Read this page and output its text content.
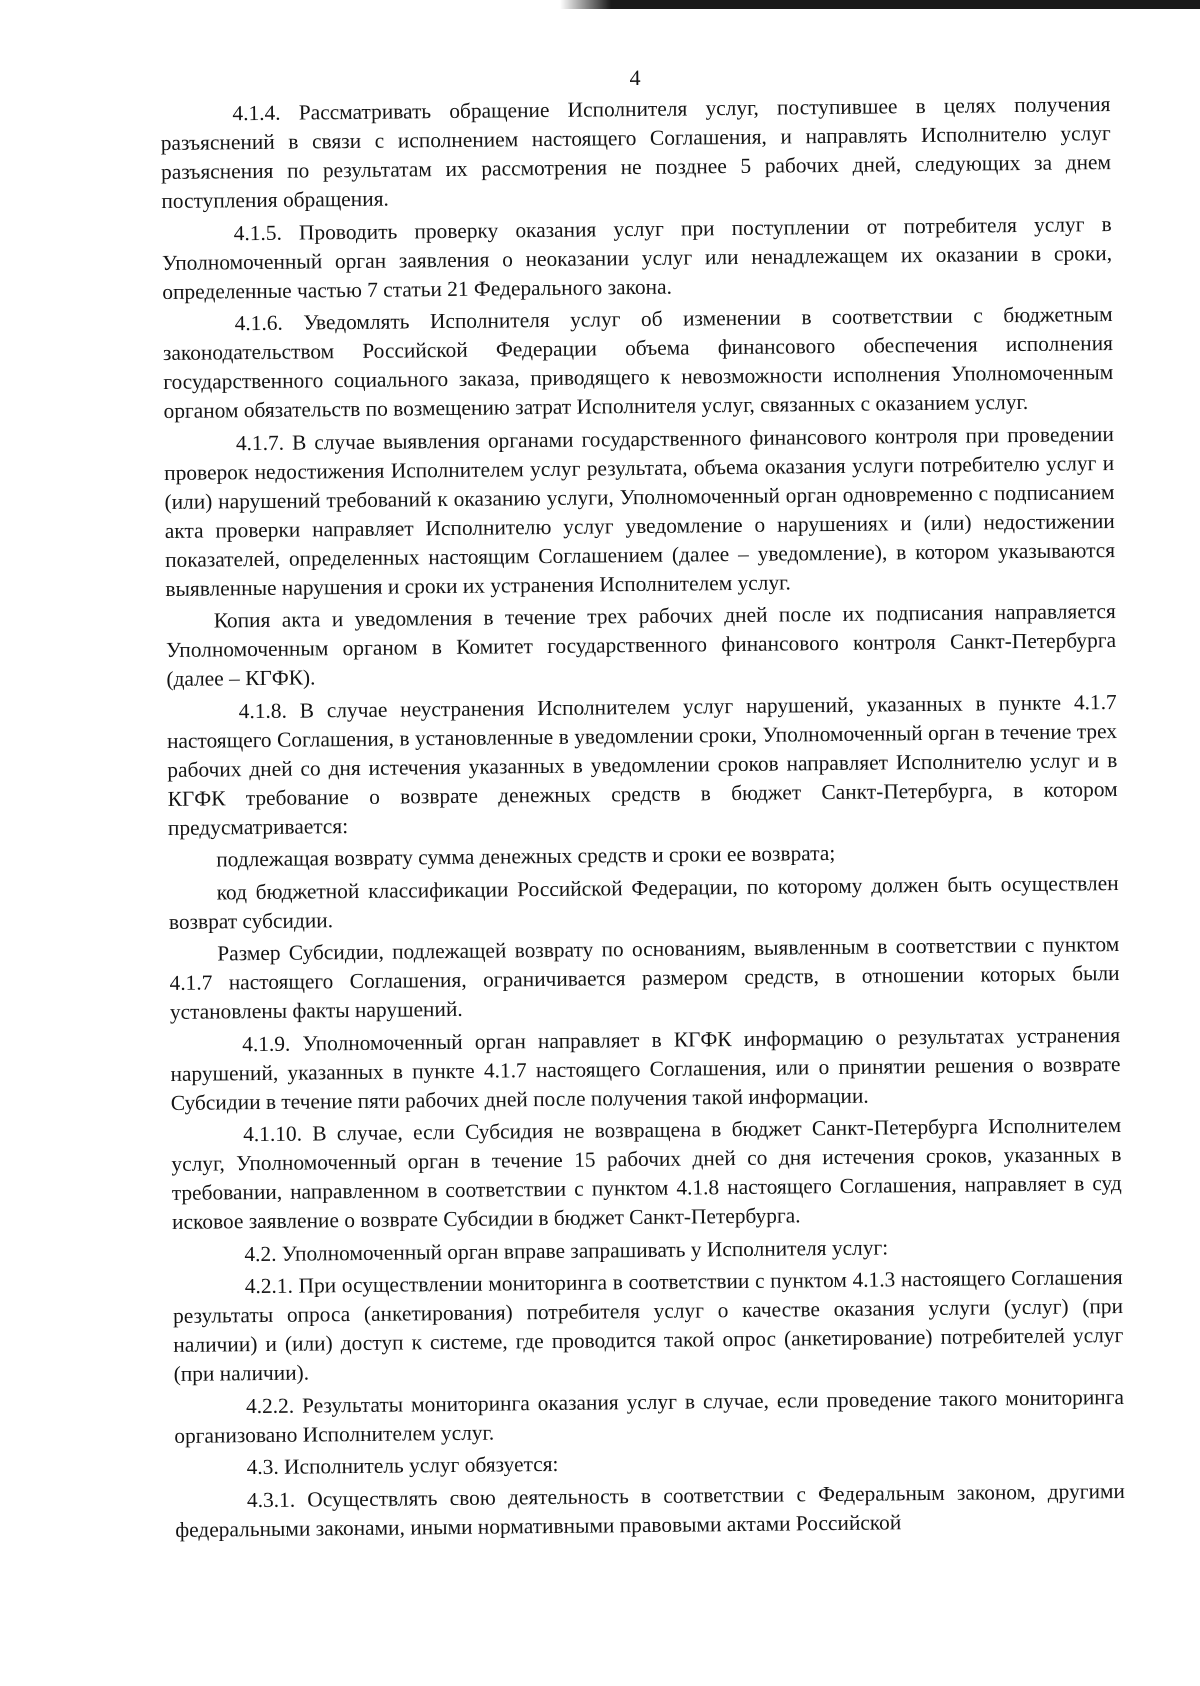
4

4.1.4. Рассматривать обращение Исполнителя услуг, поступившее в целях получения разъяснений в связи с исполнением настоящего Соглашения, и направлять Исполнителю услуг разъяснения по результатам их рассмотрения не позднее 5 рабочих дней, следующих за днем поступления обращения.

4.1.5. Проводить проверку оказания услуг при поступлении от потребителя услуг в Уполномоченный орган заявления о неоказании услуг или ненадлежащем их оказании в сроки, определенные частью 7 статьи 21 Федерального закона.

4.1.6. Уведомлять Исполнителя услуг об изменении в соответствии с бюджетным законодательством Российской Федерации объема финансового обеспечения исполнения государственного социального заказа, приводящего к невозможности исполнения Уполномоченным органом обязательств по возмещению затрат Исполнителя услуг, связанных с оказанием услуг.

4.1.7. В случае выявления органами государственного финансового контроля при проведении проверок недостижения Исполнителем услуг результата, объема оказания услуги потребителю услуг и (или) нарушений требований к оказанию услуги, Уполномоченный орган одновременно с подписанием акта проверки направляет Исполнителю услуг уведомление о нарушениях и (или) недостижении показателей, определенных настоящим Соглашением (далее – уведомление), в котором указываются выявленные нарушения и сроки их устранения Исполнителем услуг.

Копия акта и уведомления в течение трех рабочих дней после их подписания направляется Уполномоченным органом в Комитет государственного финансового контроля Санкт-Петербурга (далее – КГФК).

4.1.8. В случае неустранения Исполнителем услуг нарушений, указанных в пункте 4.1.7 настоящего Соглашения, в установленные в уведомлении сроки, Уполномоченный орган в течение трех рабочих дней со дня истечения указанных в уведомлении сроков направляет Исполнителю услуг и в КГФК требование о возврате денежных средств в бюджет Санкт-Петербурга, в котором предусматривается:

подлежащая возврату сумма денежных средств и сроки ее возврата;

код бюджетной классификации Российской Федерации, по которому должен быть осуществлен возврат субсидии.

Размер Субсидии, подлежащей возврату по основаниям, выявленным в соответствии с пунктом 4.1.7 настоящего Соглашения, ограничивается размером средств, в отношении которых были установлены факты нарушений.

4.1.9. Уполномоченный орган направляет в КГФК информацию о результатах устранения нарушений, указанных в пункте 4.1.7 настоящего Соглашения, или о принятии решения о возврате Субсидии в течение пяти рабочих дней после получения такой информации.

4.1.10. В случае, если Субсидия не возвращена в бюджет Санкт-Петербурга Исполнителем услуг, Уполномоченный орган в течение 15 рабочих дней со дня истечения сроков, указанных в требовании, направленном в соответствии с пунктом 4.1.8 настоящего Соглашения, направляет в суд исковое заявление о возврате Субсидии в бюджет Санкт-Петербурга.

4.2. Уполномоченный орган вправе запрашивать у Исполнителя услуг:

4.2.1. При осуществлении мониторинга в соответствии с пунктом 4.1.3 настоящего Соглашения результаты опроса (анкетирования) потребителя услуг о качестве оказания услуги (услуг) (при наличии) и (или) доступ к системе, где проводится такой опрос (анкетирование) потребителей услуг (при наличии).

4.2.2. Результаты мониторинга оказания услуг в случае, если проведение такого мониторинга организовано Исполнителем услуг.

4.3. Исполнитель услуг обязуется:

4.3.1. Осуществлять свою деятельность в соответствии с Федеральным законом, другими федеральными законами, иными нормативными правовыми актами Российской
